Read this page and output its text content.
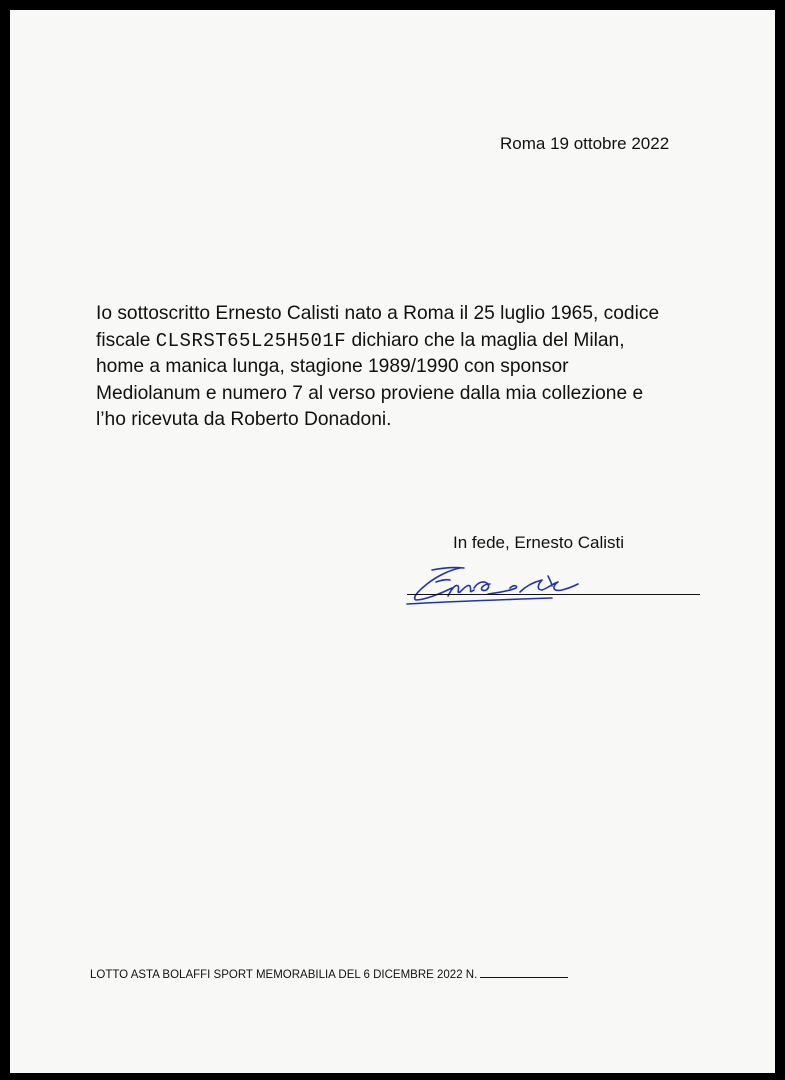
Roma 19 ottobre 2022
Io sottoscritto Ernesto Calisti nato a Roma il 25 luglio 1965, codice
fiscale CLSRST65L25H501F dichiaro che la maglia del Milan,
home a manica lunga, stagione 1989/1990 con sponsor
Mediolanum e numero 7 al verso proviene dalla mia collezione e
l’ho ricevuta da Roberto Donadoni.
In fede, Ernesto Calisti
LOTTO ASTA BOLAFFI SPORT MEMORABILIA DEL 6 DICEMBRE 2022 N.
